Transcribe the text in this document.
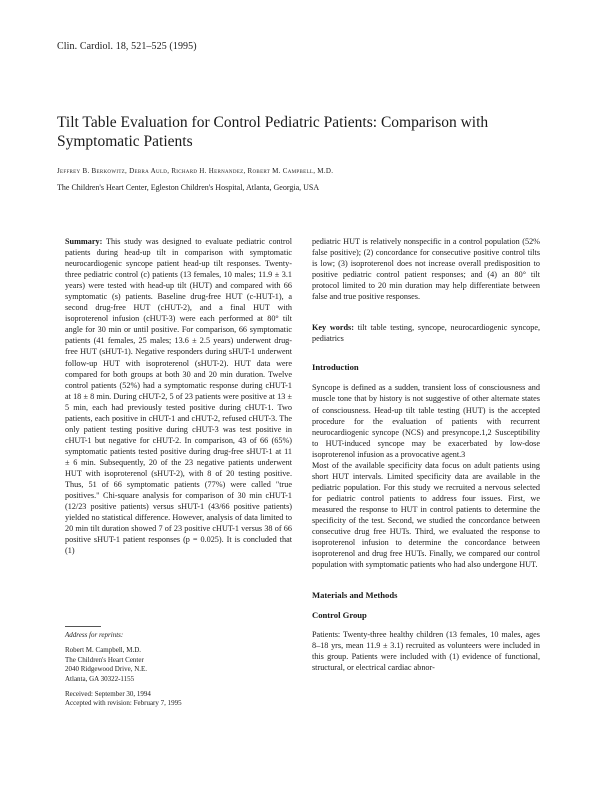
Clin. Cardiol. 18, 521–525 (1995)
Tilt Table Evaluation for Control Pediatric Patients: Comparison with Symptomatic Patients
Jeffrey B. Berkowitz, Debra Auld, Richard H. Hernandez, Robert M. Campbell, M.D.
The Children's Heart Center, Egleston Children's Hospital, Atlanta, Georgia, USA

Summary: This study was designed to evaluate pediatric control patients during head-up tilt in comparison with symptomatic neurocardiogenic syncope patient head-up tilt responses. Twenty-three pediatric control (c) patients (13 females, 10 males; 11.9 ± 3.1 years) were tested with head-up tilt (HUT) and compared with 66 symptomatic (s) patients. Baseline drug-free HUT (c-HUT-1), a second drug-free HUT (cHUT-2), and a final HUT with isoproterenol infusion (cHUT-3) were each performed at 80° tilt angle for 30 min or until positive. For comparison, 66 symptomatic patients (41 females, 25 males; 13.6 ± 2.5 years) underwent drug-free HUT (sHUT-1). Negative responders during sHUT-1 underwent follow-up HUT with isoproterenol (sHUT-2). HUT data were compared for both groups at both 30 and 20 min duration. Twelve control patients (52%) had a symptomatic response during cHUT-1 at 18 ± 8 min. During cHUT-2, 5 of 23 patients were positive at 13 ± 5 min, each had previously tested positive during cHUT-1. Two patients, each positive in cHUT-1 and cHUT-2, refused cHUT-3. The only patient testing positive during cHUT-3 was test positive in cHUT-1 but negative for cHUT-2. In comparison, 43 of 66 (65%) symptomatic patients tested positive during drug-free sHUT-1 at 11 ± 6 min. Subsequently, 20 of the 23 negative patients underwent HUT with isoproterenol (sHUT-2), with 8 of 20 testing positive. Thus, 51 of 66 symptomatic patients (77%) were called "true positives." Chi-square analysis for comparison of 30 min cHUT-1 (12/23 positive patients) versus sHUT-1 (43/66 positive patients) yielded no statistical difference. However, analysis of data limited to 20 min tilt duration showed 7 of 23 positive cHUT-1 versus 38 of 66 positive sHUT-1 patient responses (p = 0.025). It is concluded that (1)

Address for reprints:
Robert M. Campbell, M.D.
The Children's Heart Center
2040 Ridgewood Drive, N.E.
Atlanta, GA 30322-1155
Received: September 30, 1994
Accepted with revision: February 7, 1995

pediatric HUT is relatively nonspecific in a control population (52% false positive); (2) concordance for consecutive positive control tilts is low; (3) isoproterenol does not increase overall predisposition to positive pediatric control patient responses; and (4) an 80° tilt protocol limited to 20 min duration may help differentiate between false and true positive responses.

Key words: tilt table testing, syncope, neurocardiogenic syncope, pediatrics

Introduction

Syncope is defined as a sudden, transient loss of consciousness and muscle tone that by history is not suggestive of other alternate states of consciousness. Head-up tilt table testing (HUT) is the accepted procedure for the evaluation of patients with recurrent neurocardiogenic syncope (NCS) and presyncope.1,2 Susceptibility to HUT-induced syncope may be exacerbated by low-dose isoproterenol infusion as a provocative agent.3

Most of the available specificity data focus on adult patients using short HUT intervals. Limited specificity data are available in the pediatric population. For this study we recruited a nervous selected for pediatric control patients to address four issues. First, we measured the response to HUT in control patients to determine the specificity of the test. Second, we studied the concordance between consecutive drug free HUTs. Third, we evaluated the response to isoproterenol infusion to determine the concordance between isoproterenol and drug free HUTs. Finally, we compared our control population with symptomatic patients who had also undergone HUT.

Materials and Methods

Control Group

Patients: Twenty-three healthy children (13 females, 10 males, ages 8–18 yrs, mean 11.9 ± 3.1) recruited as volunteers were included in this group. Patients were included with (1) evidence of functional, structural, or electrical cardiac abnor-
